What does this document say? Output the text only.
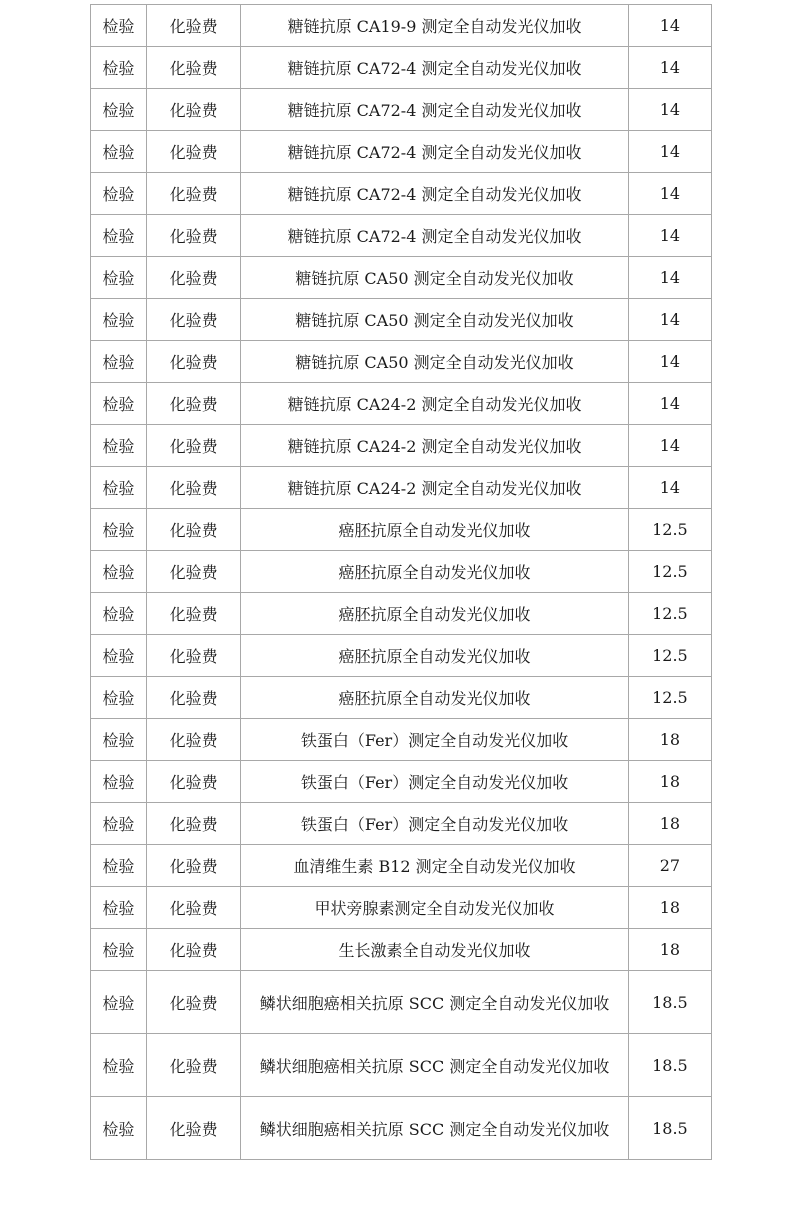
检验	化验费	糖链抗原 CA19-9 测定全自动发光仪加收	14
检验	化验费	糖链抗原 CA72-4 测定全自动发光仪加收	14
检验	化验费	糖链抗原 CA72-4 测定全自动发光仪加收	14
检验	化验费	糖链抗原 CA72-4 测定全自动发光仪加收	14
检验	化验费	糖链抗原 CA72-4 测定全自动发光仪加收	14
检验	化验费	糖链抗原 CA72-4 测定全自动发光仪加收	14
检验	化验费	糖链抗原 CA50 测定全自动发光仪加收	14
检验	化验费	糖链抗原 CA50 测定全自动发光仪加收	14
检验	化验费	糖链抗原 CA50 测定全自动发光仪加收	14
检验	化验费	糖链抗原 CA24-2 测定全自动发光仪加收	14
检验	化验费	糖链抗原 CA24-2 测定全自动发光仪加收	14
检验	化验费	糖链抗原 CA24-2 测定全自动发光仪加收	14
检验	化验费	癌胚抗原全自动发光仪加收	12.5
检验	化验费	癌胚抗原全自动发光仪加收	12.5
检验	化验费	癌胚抗原全自动发光仪加收	12.5
检验	化验费	癌胚抗原全自动发光仪加收	12.5
检验	化验费	癌胚抗原全自动发光仪加收	12.5
检验	化验费	铁蛋白（Fer）测定全自动发光仪加收	18
检验	化验费	铁蛋白（Fer）测定全自动发光仪加收	18
检验	化验费	铁蛋白（Fer）测定全自动发光仪加收	18
检验	化验费	血清维生素 B12 测定全自动发光仪加收	27
检验	化验费	甲状旁腺素测定全自动发光仪加收	18
检验	化验费	生长激素全自动发光仪加收	18
检验	化验费	鳞状细胞癌相关抗原 SCC 测定全自动发光仪加收	18.5
检验	化验费	鳞状细胞癌相关抗原 SCC 测定全自动发光仪加收	18.5
检验	化验费	鳞状细胞癌相关抗原 SCC 测定全自动发光仪加收	18.5
